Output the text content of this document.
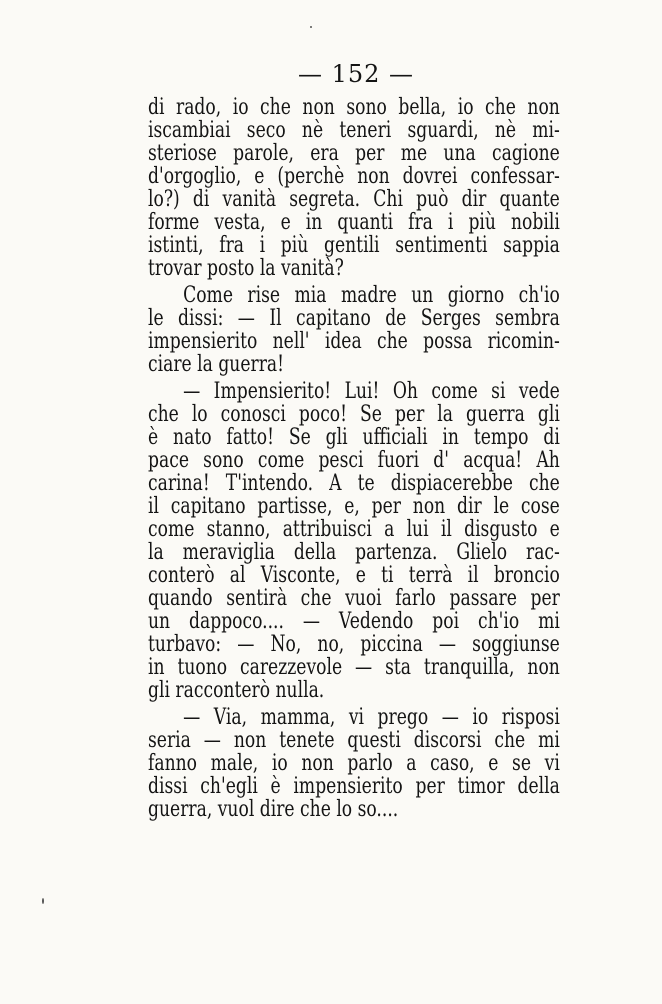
— 152 —
di rado, io che non sono bella, io che non
iscambiai seco nè teneri sguardi, nè mi-
steriose parole, era per me una cagione
d'orgoglio, e (perchè non dovrei confessar-
lo?) di vanità segreta. Chi può dir quante
forme vesta, e in quanti fra i più nobili
istinti, fra i più gentili sentimenti sappia
trovar posto la vanità?
Come rise mia madre un giorno ch'io
le dissi: — Il capitano de Serges sembra
impensierito nell' idea che possa ricomin-
ciare la guerra!
— Impensierito! Lui! Oh come si vede
che lo conosci poco! Se per la guerra gli
è nato fatto! Se gli ufficiali in tempo di
pace sono come pesci fuori d' acqua! Ah
carina! T'intendo. A te dispiacerebbe che
il capitano partisse, e, per non dir le cose
come stanno, attribuisci a lui il disgusto e
la meraviglia della partenza. Glielo rac-
conterò al Visconte, e ti terrà il broncio
quando sentirà che vuoi farlo passare per
un dappoco.... — Vedendo poi ch'io mi
turbavo: — No, no, piccina — soggiunse
in tuono carezzevole — sta tranquilla, non
gli racconterò nulla.
— Via, mamma, vi prego — io risposi
seria — non tenete questi discorsi che mi
fanno male, io non parlo a caso, e se vi
dissi ch'egli è impensierito per timor della
guerra, vuol dire che lo so....
